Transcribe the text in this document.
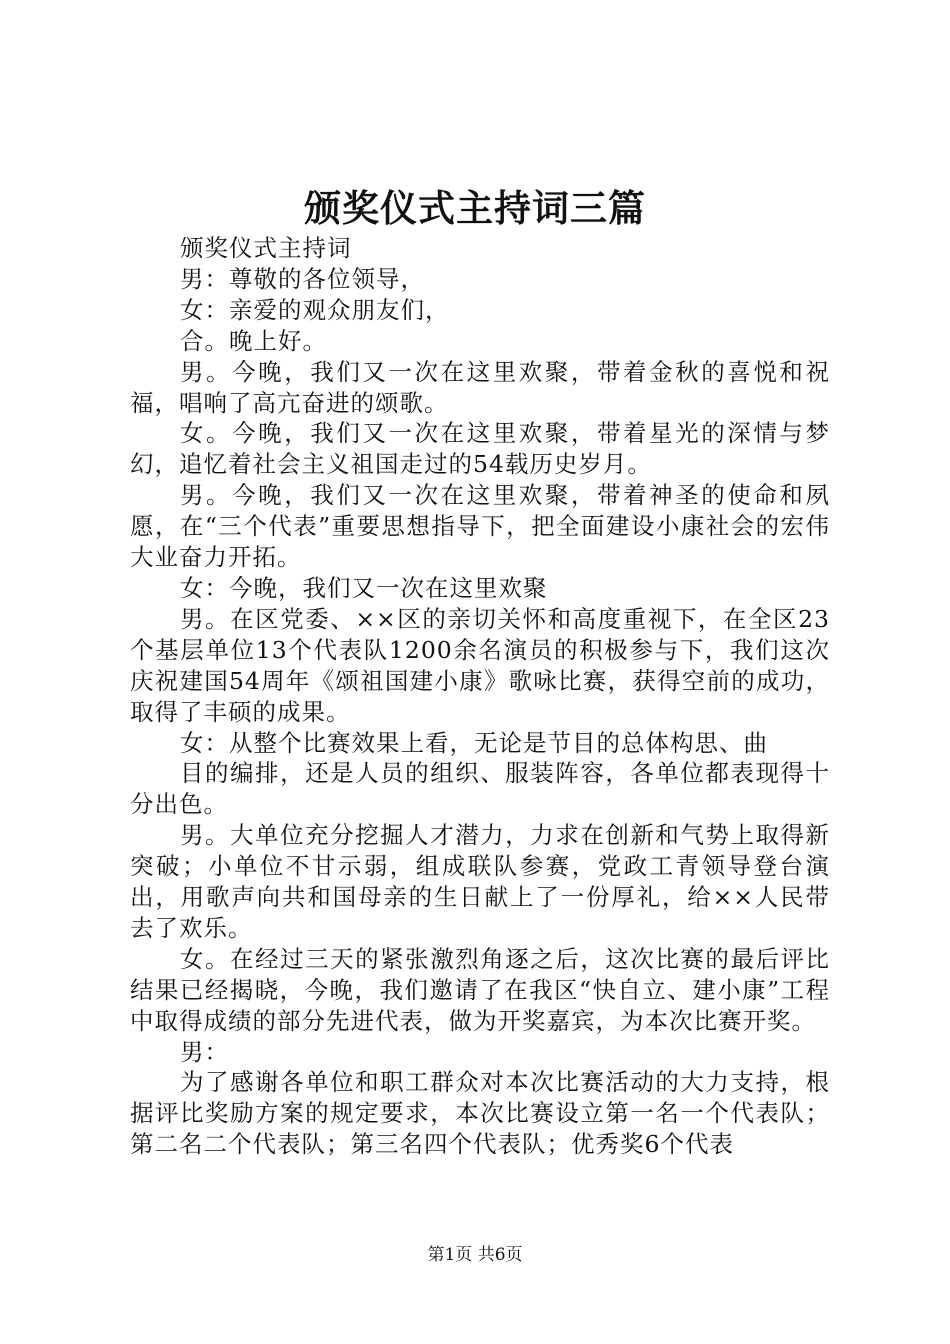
颁奖仪式主持词三篇

颁奖仪式主持词

男：尊敬的各位领导，

女：亲爱的观众朋友们，

合。晚上好。

男。今晚，我们又一次在这里欢聚，带着金秋的喜悦和祝福，唱响了高亢奋进的颂歌。

女。今晚，我们又一次在这里欢聚，带着星光的深情与梦幻，追忆着社会主义祖国走过的54载历史岁月。

男。今晚，我们又一次在这里欢聚，带着神圣的使命和夙愿，在“三个代表”重要思想指导下，把全面建设小康社会的宏伟大业奋力开拓。

女：今晚，我们又一次在这里欢聚

男。在区党委、××区的亲切关怀和高度重视下，在全区23个基层单位13个代表队1200余名演员的积极参与下，我们这次庆祝建国54周年《颂祖国建小康》歌咏比赛，获得空前的成功，取得了丰硕的成果。

女：从整个比赛效果上看，无论是节目的总体构思、曲

目的编排，还是人员的组织、服装阵容，各单位都表现得十分出色。

男。大单位充分挖掘人才潜力，力求在创新和气势上取得新突破；小单位不甘示弱，组成联队参赛，党政工青领导登台演出，用歌声向共和国母亲的生日献上了一份厚礼，给××人民带去了欢乐。

女。在经过三天的紧张激烈角逐之后，这次比赛的最后评比结果已经揭晓，今晚，我们邀请了在我区“快自立、建小康”工程中取得成绩的部分先进代表，做为开奖嘉宾，为本次比赛开奖。

男：

为了感谢各单位和职工群众对本次比赛活动的大力支持，根据评比奖励方案的规定要求，本次比赛设立第一名一个代表队；第二名二个代表队；第三名四个代表队；优秀奖6个代表

第1页 共6页
